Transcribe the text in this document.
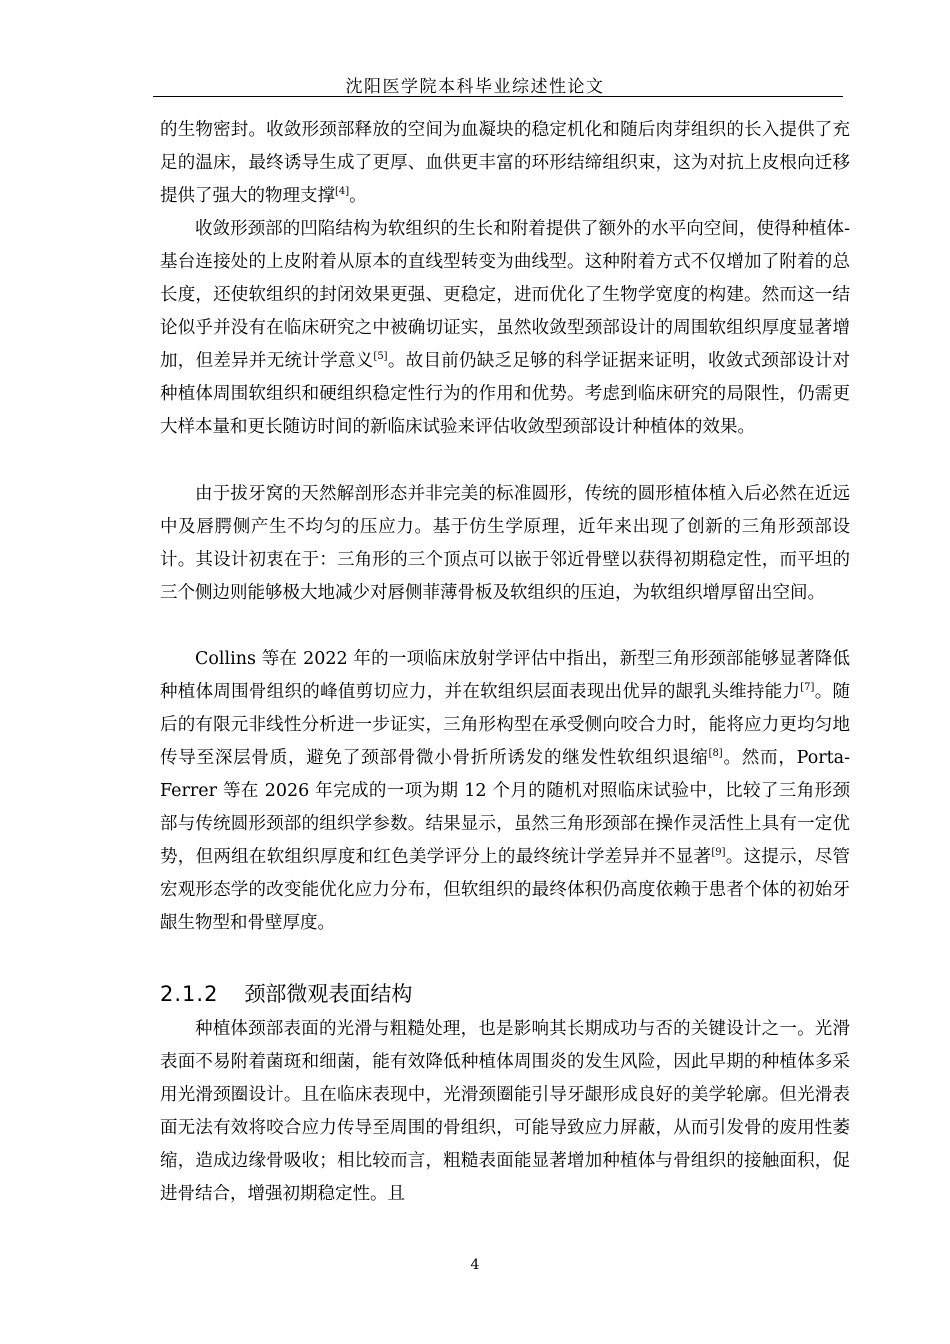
沈阳医学院本科毕业综述性论文

的生物密封。收敛形颈部释放的空间为血凝块的稳定机化和随后肉芽组织的长入提供了充足的温床，最终诱导生成了更厚、血供更丰富的环形结缔组织束，这为对抗上皮根向迁移提供了强大的物理支撑[4]。

收敛形颈部的凹陷结构为软组织的生长和附着提供了额外的水平向空间，使得种植体-基台连接处的上皮附着从原本的直线型转变为曲线型。这种附着方式不仅增加了附着的总长度，还使软组织的封闭效果更强、更稳定，进而优化了生物学宽度的构建。然而这一结论似乎并没有在临床研究之中被确切证实，虽然收敛型颈部设计的周围软组织厚度显著增加，但差异并无统计学意义[5]。故目前仍缺乏足够的科学证据来证明，收敛式颈部设计对种植体周围软组织和硬组织稳定性行为的作用和优势。考虑到临床研究的局限性，仍需更大样本量和更长随访时间的新临床试验来评估收敛型颈部设计种植体的效果。

由于拔牙窝的天然解剖形态并非完美的标准圆形，传统的圆形植体植入后必然在近远中及唇腭侧产生不均匀的压应力。基于仿生学原理，近年来出现了创新的三角形颈部设计。其设计初衷在于：三角形的三个顶点可以嵌于邻近骨壁以获得初期稳定性，而平坦的三个侧边则能够极大地减少对唇侧菲薄骨板及软组织的压迫，为软组织增厚留出空间。

Collins 等在 2022 年的一项临床放射学评估中指出，新型三角形颈部能够显著降低种植体周围骨组织的峰值剪切应力，并在软组织层面表现出优异的龈乳头维持能力[7]。随后的有限元非线性分析进一步证实，三角形构型在承受侧向咬合力时，能将应力更均匀地传导至深层骨质，避免了颈部骨微小骨折所诱发的继发性软组织退缩[8]。然而，Porta-Ferrer 等在 2026 年完成的一项为期 12 个月的随机对照临床试验中，比较了三角形颈部与传统圆形颈部的组织学参数。结果显示，虽然三角形颈部在操作灵活性上具有一定优势，但两组在软组织厚度和红色美学评分上的最终统计学差异并不显著[9]。这提示，尽管宏观形态学的改变能优化应力分布，但软组织的最终体积仍高度依赖于患者个体的初始牙龈生物型和骨壁厚度。

2.1.2 颈部微观表面结构

种植体颈部表面的光滑与粗糙处理，也是影响其长期成功与否的关键设计之一。光滑表面不易附着菌斑和细菌，能有效降低种植体周围炎的发生风险，因此早期的种植体多采用光滑颈圈设计。且在临床表现中，光滑颈圈能引导牙龈形成良好的美学轮廓。但光滑表面无法有效将咬合应力传导至周围的骨组织，可能导致应力屏蔽，从而引发骨的废用性萎缩，造成边缘骨吸收；相比较而言，粗糙表面能显著增加种植体与骨组织的接触面积，促进骨结合，增强初期稳定性。且

4
